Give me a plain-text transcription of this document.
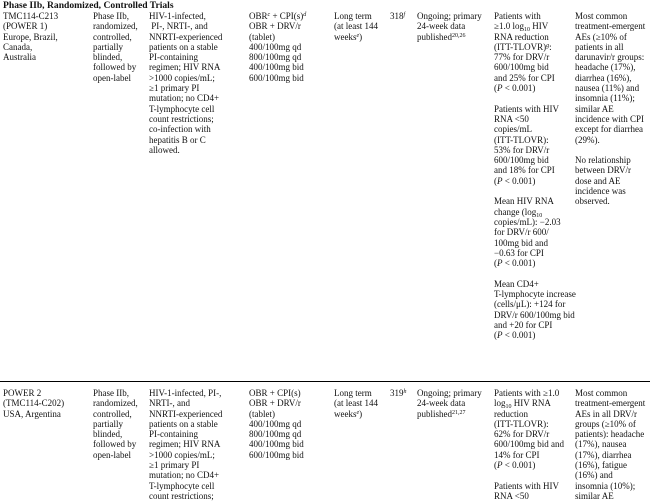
Phase IIb, Randomized, Controlled Trials
TMC114-C213
(POWER 1)
Europe, Brazil,
Canada,
Australia
Phase IIb,
randomized,
controlled,
partially
blinded,
followed by
open-label
HIV-1-infected,
PI-, NRTI-, and
NNRTI-experienced
patients on a stable
PI-containing
regimen; HIV RNA
>1000 copies/mL;
≥1 primary PI
mutation; no CD4+
T-lymphocyte cell
count restrictions;
co-infection with
hepatitis B or C
allowed.
$OBR^c + CPI(s)^d$
OBR + DRV/r
(tablet)
400/100mg qd
800/100mg qd
400/100mg bid
600/100mg bid
Long term
(at least 144
weeks$^e$)
318$^f$	Ongoing; primary
24-week data
published$^{20,26}$
Patients with
≥1.0 $\log_{10}$ HIV
RNA reduction
(ITT-TLOVR)$^g$:
77% for DRV/r
600/100mg bid
and 25% for CPI
(P < 0.001)
Patients with HIV
RNA <50
copies/mL
(ITT-TLOVR):
53% for DRV/r
600/100mg bid
and 18% for CPI
(P < 0.001)
Mean HIV RNA
change ($\log_{10}$
copies/mL): −2.03
for DRV/r 600/
100mg bid and
−0.63 for CPI
(P < 0.001)
Mean CD4+
T-lymphocyte increase
(cells/μL): +124 for
DRV/r 600/100mg bid
and +20 for CPI
(P < 0.001)
Most common
treatment-emergent
AEs (≥10% of
patients in all
darunavir/r groups:
headache (17%),
diarrhea (16%),
nausea (11%) and
insomnia (11%);
similar AE
incidence with CPI
except for diarrhea
(29%).
No relationship
between DRV/r
dose and AE
incidence was
observed.
POWER 2
(TMC114-C202)
USA, Argentina
Phase IIb,
randomized,
controlled,
partially
blinded,
followed by
open-label
HIV-1-infected, PI-,
NRTI-, and
NNRTI-experienced
patients on a stable
PI-containing
regimen; HIV RNA
>1000 copies/mL;
≥1 primary PI
mutation; no CD4+
T-lymphocyte cell
count restrictions;
OBR + CPI(s)
OBR + DRV/r
(tablet)
400/100mg qd
800/100mg qd
400/100mg bid
600/100mg bid
Long term
(at least 144
weeks$^e$)
319$^h$	Ongoing; primary
24-week data
published$^{21,27}$
Patients with ≥1.0
$\log_{10}$ HIV RNA
reduction
(ITT-TLOVR):
62% for DRV/r
600/100mg bid and
14% for CPI
(P < 0.001)
Patients with HIV
RNA <50
Most common
treatment-emergent
AEs in all DRV/r
groups (≥10% of
patients): headache
(17%), nausea
(17%), diarrhea
(16%), fatigue
(16%) and
insomnia (10%);
similar AE
